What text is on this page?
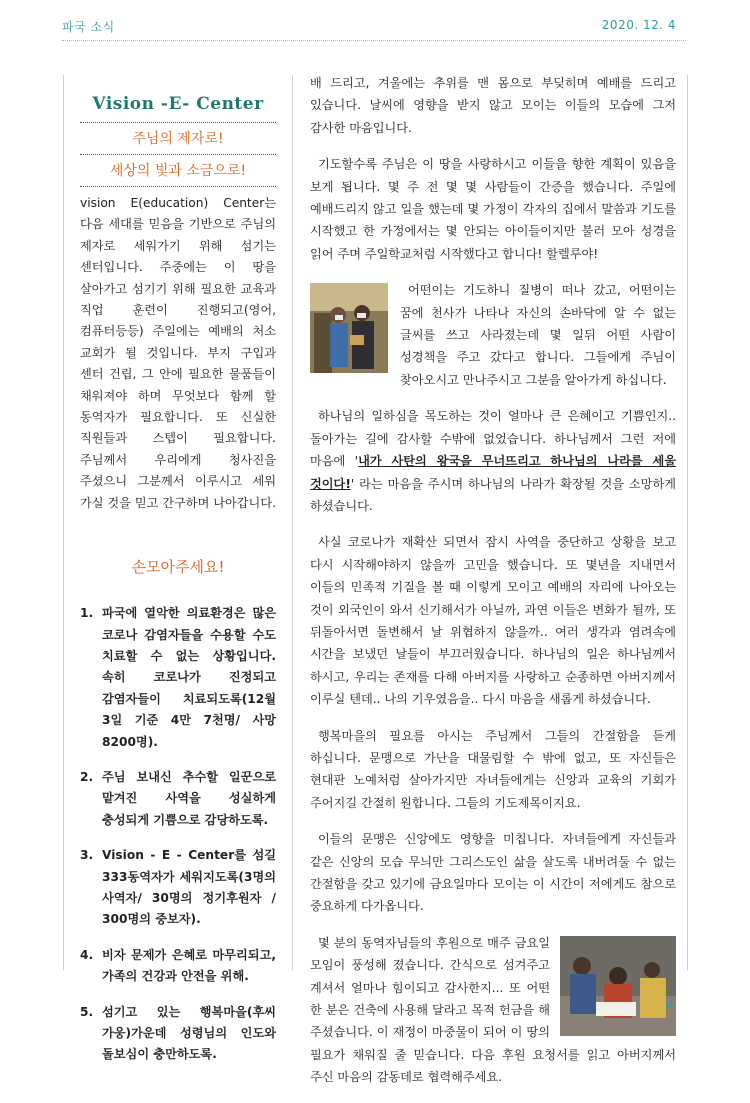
파국 소식	2020. 12. 4
Vision -E- Center
주님의 제자로!
세상의 빛과 소금으로!
vision E(education) Center는 다음 세대를 믿음을 기반으로 주님의 제자로 세워가기 위해 섬기는 센터입니다. 주중에는 이 땅을 살아가고 섬기기 위해 필요한 교육과 직업 훈련이 진행되고(영어, 컴퓨터등등) 주일에는 예배의 처소 교회가 될 것입니다. 부지 구입과 센터 건립, 그 안에 필요한 물품들이 채워져야 하며 무엇보다 함께 할 동역자가 필요합니다. 또 신실한 직원들과 스텝이 필요합니다. 주님께서 우리에게 청사진을 주셨으니 그분께서 이루시고 세워 가실 것을 믿고 간구하며 나아갑니다.
손모아주세요!
1. 파국에 열악한 의료환경은 많은 코로나 감염자들을 수용할 수도 치료할 수 없는 상황입니다. 속히 코로나가 진정되고 감염자들이 치료되도록(12월 3일 기준 4만 7천명/ 사망 8200명).
2. 주님 보내신 추수할 일꾼으로 맡겨진 사역을 성실하게 충성되게 기쁨으로 감당하도록.
3. Vision - E - Center를 섬길 333동역자가 세워지도록(3명의 사역자/ 30명의 정기후원자 / 300명의 중보자).
4. 비자 문제가 은혜로 마무리되고, 가족의 건강과 안전을 위해.
5. 섬기고 있는 행복마을(후씨 가웅)가운데 성령님의 인도와 돌보심이 충만하도록.

배 드리고, 겨울에는 추위를 맨 몸으로 부딪히며 예배를 드리고 있습니다. 날씨에 영향을 받지 않고 모이는 이들의 모습에 그저 감사한 마음입니다.

기도할수록 주님은 이 땅을 사랑하시고 이들을 향한 계획이 있음을 보게 됩니다. 몇 주 전 몇 몇 사람들이 간증을 했습니다. 주일에 예배드리지 않고 일을 했는데 몇 가정이 각자의 집에서 말씀과 기도를 시작했고 한 가정에서는 몇 안되는 아이들이지만 불러 모아 성경을 읽어 주며 주일학교처럼 시작했다고 합니다! 할렐루야!

어떤이는 기도하니 질병이 떠나 갔고, 어떤이는 꿈에 천사가 나타나 자신의 손바닥에 알 수 없는 글씨를 쓰고 사라졌는데 몇 일뒤 어떤 사람이 성경책을 주고 갔다고 합니다. 그들에게 주님이 찾아오시고 만나주시고 그분을 알아가게 하십니다.

하나님의 일하심을 목도하는 것이 얼마나 큰 은혜이고 기쁨인지.. 돌아가는 길에 감사할 수밖에 없었습니다. 하나님께서 그런 저에 마음에 '내가 사탄의 왕국을 무너뜨리고 하나님의 나라를 세울 것이다!' 라는 마음을 주시며 하나님의 나라가 확장될 것을 소망하게 하셨습니다.

사실 코로나가 재확산 되면서 잠시 사역을 중단하고 상황을 보고 다시 시작해야하지 않을까 고민을 했습니다. 또 몇년을 지내면서 이들의 민족적 기질을 볼 때 이렇게 모이고 예배의 자리에 나아오는 것이 외국인이 와서 신기해서가 아닐까, 과연 이들은 변화가 될까, 또 뒤돌아서면 돌변해서 날 위협하지 않을까.. 여러 생각과 염려속에 시간을 보냈던 날들이 부끄러웠습니다. 하나님의 일은 하나님께서 하시고, 우리는 존재를 다해 아버지를 사랑하고 순종하면 아버지께서 이루실 텐데.. 나의 기우였음을.. 다시 마음을 새롭게 하셨습니다.

행복마을의 필요를 아시는 주님께서 그들의 간절함을 듣게 하십니다. 문맹으로 가난을 대물림할 수 밖에 없고, 또 자신들은 현대판 노예처럼 살아가지만 자녀들에게는 신앙과 교육의 기회가 주어지길 간절히 원합니다. 그들의 기도제목이지요.

이들의 문맹은 신앙에도 영향을 미칩니다. 자녀들에게 자신들과 같은 신앙의 모습 무늬만 그리스도인 삶을 살도록 내버려둘 수 없는 간절함을 갖고 있기에 금요일마다 모이는 이 시간이 저에게도 참으로 중요하게 다가옵니다.

몇 분의 동역자님들의 후원으로 매주 금요일 모임이 풍성해 졌습니다. 간식으로 섬겨주고 계셔서 얼마나 힘이되고 감사한지... 또 어떤 한 분은 건축에 사용해 달라고 목적 헌금을 해 주셨습니다. 이 재정이 마중물이 되어 이 땅의 필요가 채워질 줄 믿습니다. 다음 후원 요청서를 읽고 아버지께서 주신 마음의 감동데로 협력해주세요.

2
